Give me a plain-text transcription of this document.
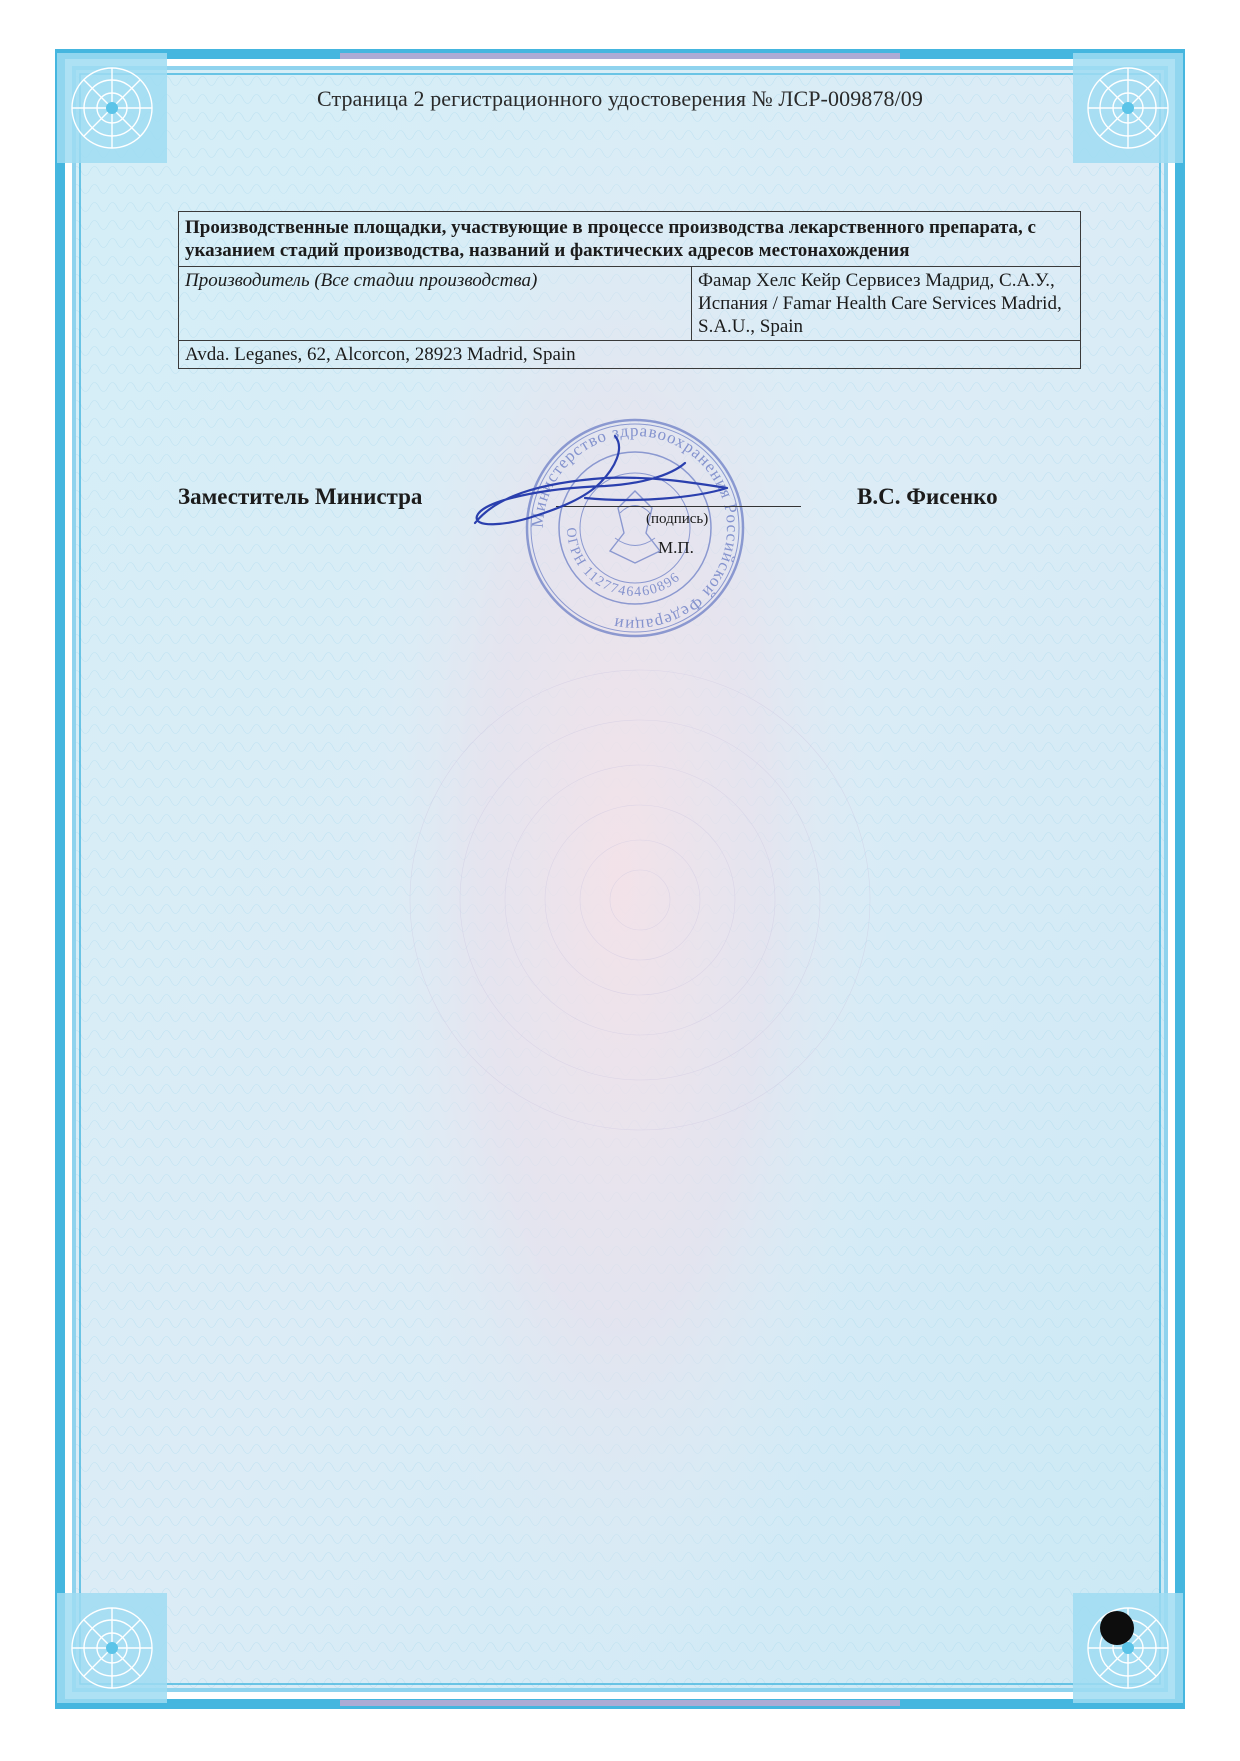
Страница 2 регистрационного удостоверения № ЛСР-009878/09
Производственные площадки, участвующие в процессе производства лекарственного препарата, с указанием стадий производства, названий и фактических адресов местонахождения
Производитель (Все стадии производства)	Фамар Хелс Кейр Сервисез Мадрид, С.А.У., Испания / Famar Health Care Services Madrid, S.A.U., Spain
Avda. Leganes, 62, Alcorcon, 28923 Madrid, Spain
Министерство здравоохранения Российской Федерации
ОГРН 1127746460896
Заместитель Министра
(подпись)
М.П.
В.С. Фисенко
